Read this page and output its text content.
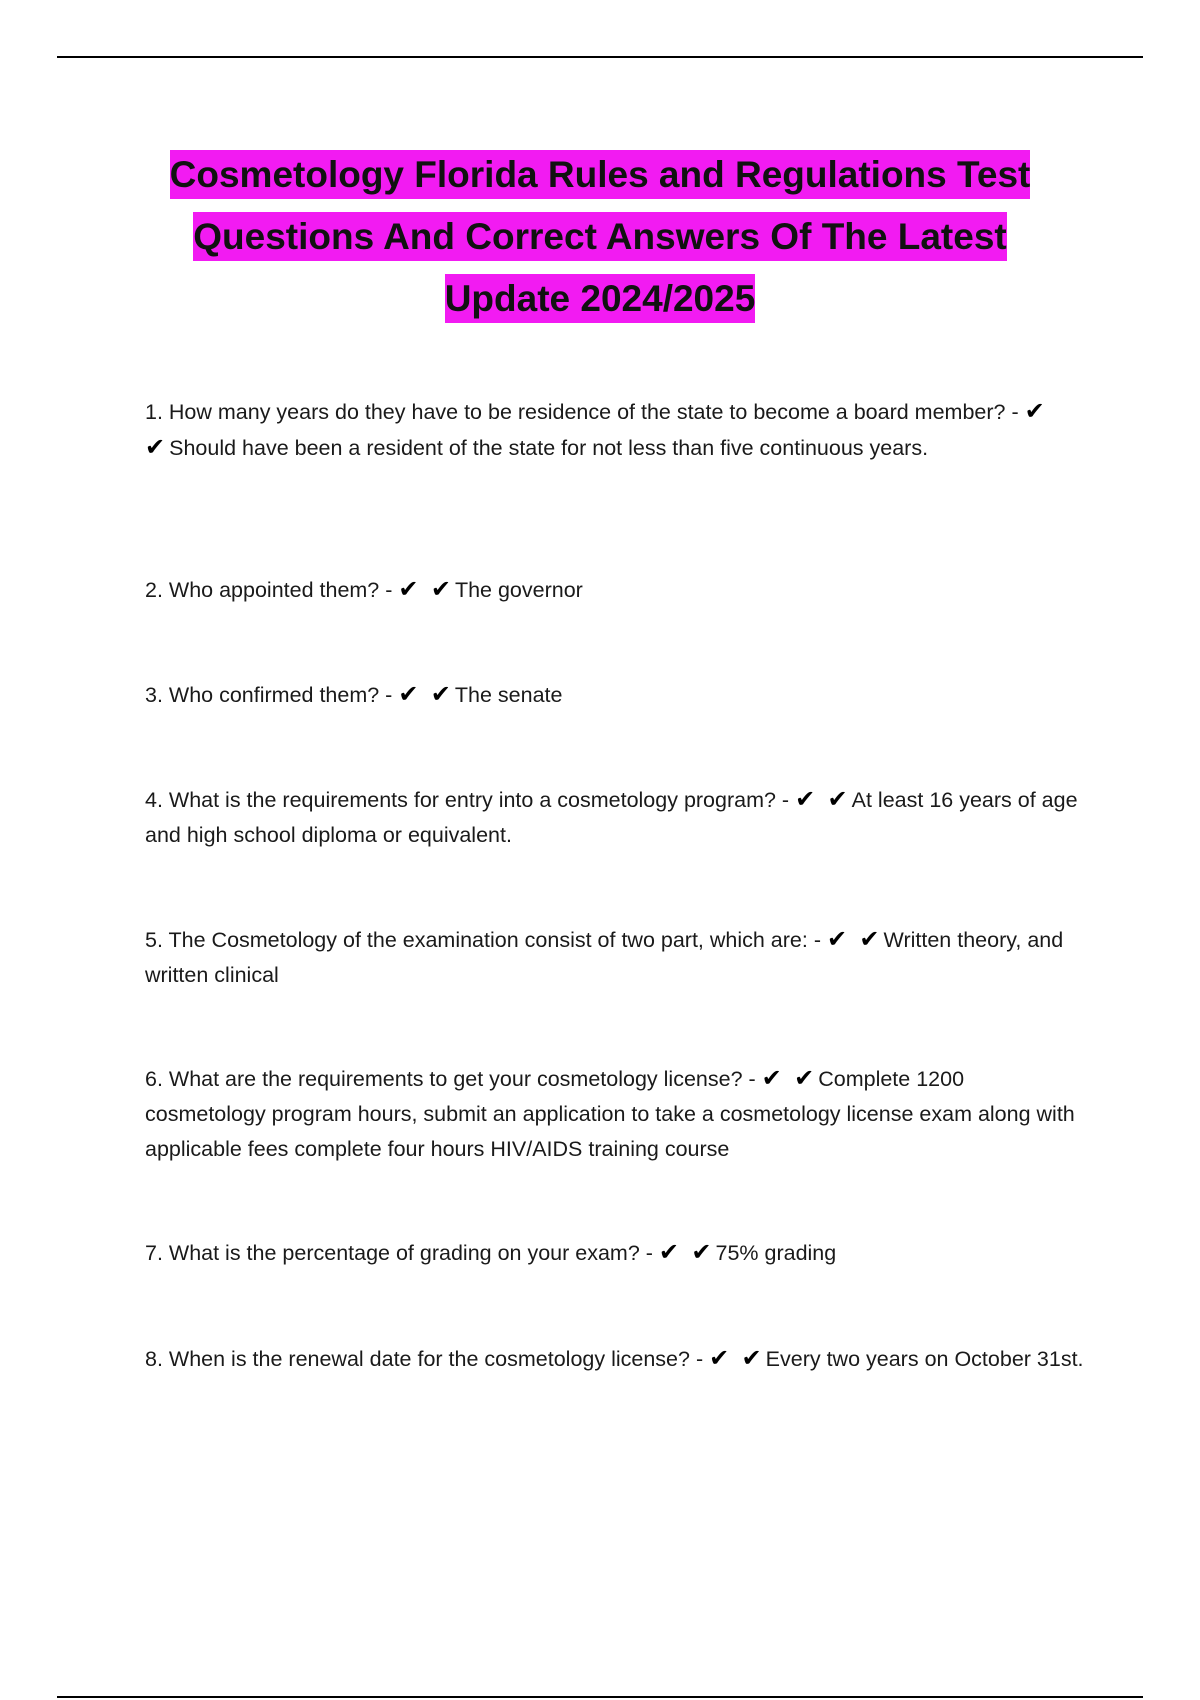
Cosmetology Florida Rules and Regulations Test
Questions And Correct Answers Of The Latest
Update 2024/2025

1. How many years do they have to be residence of the state to become a board member? - ✔ ✔Should have been a resident of the state for not less than five continuous years.

2. Who appointed them? - ✔ ✔The governor

3. Who confirmed them? - ✔ ✔The senate

4. What is the requirements for entry into a cosmetology program? - ✔ ✔At least 16 years of age and high school diploma or equivalent.

5. The Cosmetology of the examination consist of two part, which are: - ✔ ✔Written theory, and written clinical

6. What are the requirements to get your cosmetology license? - ✔ ✔Complete 1200 cosmetology program hours, submit an application to take a cosmetology license exam along with applicable fees complete four hours HIV/AIDS training course

7. What is the percentage of grading on your exam? - ✔ ✔75% grading

8. When is the renewal date for the cosmetology license? - ✔ ✔Every two years on October 31st.
